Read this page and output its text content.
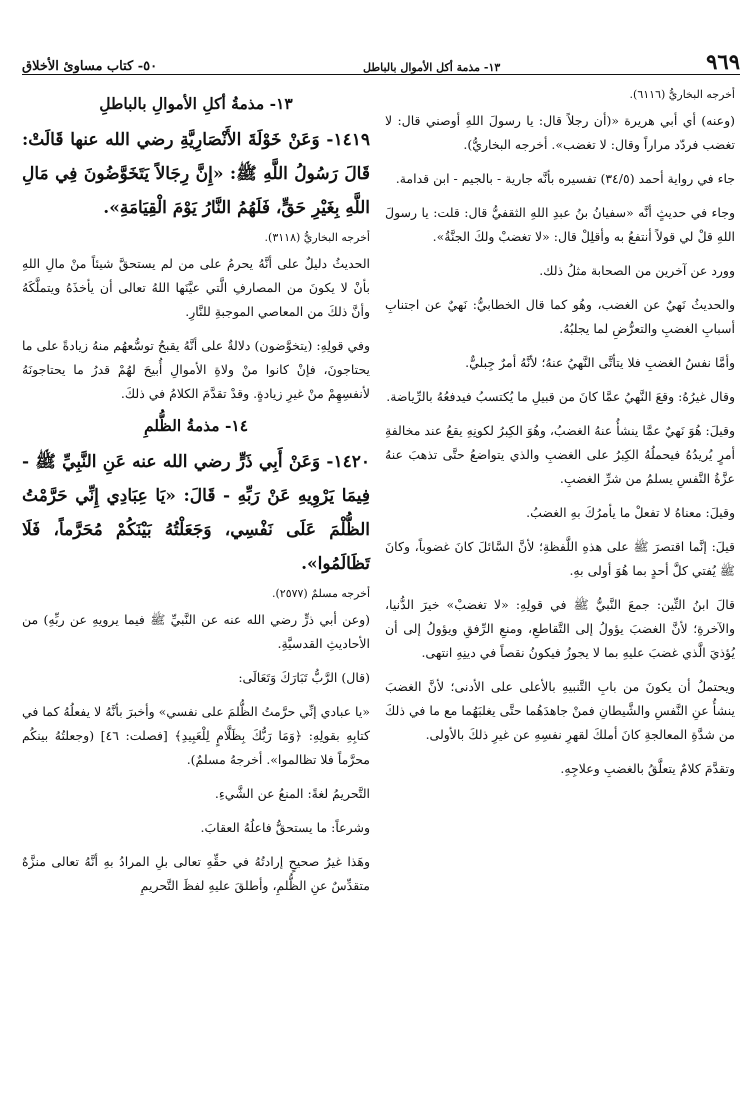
٩٦٩
١٣- مذمة أكل الأموال بالباطل
٥٠- كتاب مساوئ الأخلاق

أخرجه البخاريُّ (٦١١٦).

(وعنه) أي أبي هريرة «(أن رجلاً قال: يا رسولَ اللهِ أوصني قال: لا تغضب فردّد مراراً وقال: لا تغضب». أخرجه البخاريُّ).

جاء في رواية أحمد (٣٤/٥) تفسيره بأنَّه جارية - بالجيم - ابن قدامة.

وجاء في حديثٍ أنَّه «سفيانُ بنُ عبدِ اللهِ الثقفيُّ قال: قلت: يا رسولَ اللهِ قلْ لي قولاً أنتفعُ به وأقلِلْ قال: «لا تغضبْ ولكَ الجنَّةُ».

وورد عن آخرين من الصحابة مثلُ ذلك.

والحديثُ نَهيٌ عن الغضب، وهُو كما قال الخطابيُّ: نَهيٌ عن اجتنابِ أسبابِ الغضبِ والتعرُّضِ لما يجلبُهُ.

وأمَّا نفسُ الغضبِ فلا يتأتَّى النَّهيُ عنهُ؛ لأنَّهُ أمرٌ جِبليٌّ.

وقال غيرُهُ: وقعَ النَّهيُ عمَّا كانَ من قبيلِ ما يُكتسبُ فيدفعُهُ بالرِّياضة.

وقيلَ: هُوَ نَهيٌ عمَّا ينشأُ عنهُ الغضبُ، وهُوَ الكِبرُ لكونِهِ يقعُ عند مخالفةِ أمرٍ يُريدُهُ فيحملُهُ الكِبرُ على الغضبِ والذي يتواضعُ حتَّى تذهبَ عنهُ عزَّةُ النَّفسِ يسلمُ من شرِّ الغضبِ.

وقيلَ: معناهُ لا تفعلْ ما يأمرُكَ بهِ الغضبُ.

قيلَ: إنَّما اقتصرَ ﷺ على هذهِ اللَّفظةِ؛ لأنَّ السَّائلَ كانَ غضوباً، وكانَ ﷺ يُفتي كلَّ أحدٍ بما هُوَ أولى بهِ.

قالَ ابنُ التِّين: جمعَ النَّبيُّ ﷺ في قولِهِ: «لا تغضبْ» خيرَ الدُّنيا، والآخرةِ؛ لأنَّ الغضبَ يؤولُ إلى التَّقاطعِ، ومنعِ الرِّفقِ ويؤولُ إلى أن يُؤذيَ الَّذي غضبَ عليهِ بما لا يجوزُ فيكونُ نقصاً في دينِهِ انتهى.

ويحتملُ أن يكونَ من بابِ التَّنبيهِ بالأعلى على الأدنى؛ لأنَّ الغضبَ ينشأُ عنِ النَّفسِ والشَّيطانِ فمنْ جاهدَهُما حتَّى يغلبَهُما مع ما في ذلكَ من شدَّةِ المعالجةِ كانَ أملكَ لقهرِ نفسِهِ عن غيرِ ذلكَ بالأولى.

وتقدَّمَ كلامٌ يتعلَّقُ بالغضبِ وعلاجِهِ.

١٣- مذمةُ أكلِ الأموالِ بالباطلِ

١٤١٩- وَعَنْ خَوْلَةَ الأَنْصَارِيَّةِ رضي الله عنها قَالَتْ: قَالَ رَسُولُ اللَّهِ ﷺ: «إِنَّ رِجَالاً يَتَخَوَّضُونَ فِي مَالِ اللَّهِ بِغَيْرِ حَقٍّ، فَلَهُمُ النَّارُ يَوْمَ الْقِيَامَةِ».

أخرجه البخاريُّ (٣١١٨).

الحديثُ دليلٌ على أنَّهُ يحرمُ على من لم يستحقَّ شيئاً منْ مالِ اللهِ بأنْ لا يكونَ من المصارفِ الَّتي عيَّنَها اللهُ تعالى أن يأخذَهُ ويتملَّكَهُ وأنَّ ذلكَ من المعاصي الموجبةِ للنَّارِ.

وفي قولِهِ: (يتخوَّضون) دلالةٌ على أنَّهُ يقبحُ توسُّعهُم منهُ زيادةً على ما يحتاجونَ، فإنْ كانوا منْ ولاةِ الأموالِ أُبيحَ لهُمْ قدرُ ما يحتاجونَهُ لأنفسِهِمْ منْ غيرِ زيادةٍ. وقدْ تقدَّمَ الكلامُ في ذلكَ.

١٤- مذمةُ الظُّلمِ

١٤٢٠- وَعَنْ أَبِي ذَرٍّ رضي الله عنه عَنِ النَّبِيِّ ﷺ - فِيمَا يَرْوِيهِ عَنْ رَبِّهِ - قَالَ: «يَا عِبَادِي إِنِّي حَرَّمْتُ الظُّلْمَ عَلَى نَفْسِي، وَجَعَلْتُهُ بَيْنَكُمْ مُحَرَّماً، فَلَا تَظَالَمُوا».

أخرجه مسلمٌ (٢٥٧٧).

(وعن أبي ذرٍّ رضي الله عنه عن النَّبيِّ ﷺ فيما يرويهِ عن ربِّهِ) من الأحاديثِ القدسيَّةِ.

(قال) الرَّبُّ تَبَارَكَ وَتَعَالَى:

«يا عبادي إنِّي حرَّمتُ الظُّلمَ على نفسي» وأخبرَ بأنَّهُ لا يفعلُهُ كما في كتابِهِ بقولِهِ: ﴿وَمَا رَبُّكَ بِظَلَّامٍ لِلْعَبِيدِ﴾ [فصلت: ٤٦] (وجعلتُهُ بينكُم محرَّماً فلا تظالموا». أخرجهُ مسلمٌ).

التَّحريمُ لغةً: المنعُ عن الشَّيءِ.

وشرعاً: ما يستحقُّ فاعلُهُ العقابَ.

وهَذا غيرُ صحيحٍ إرادتُهُ في حقِّهِ تعالى بلِ المرادُ بهِ أنَّهُ تعالى منزَّهٌ متقدِّسٌ عنِ الظُّلمِ، وأطلقَ عليهِ لفظَ التَّحريمِ
